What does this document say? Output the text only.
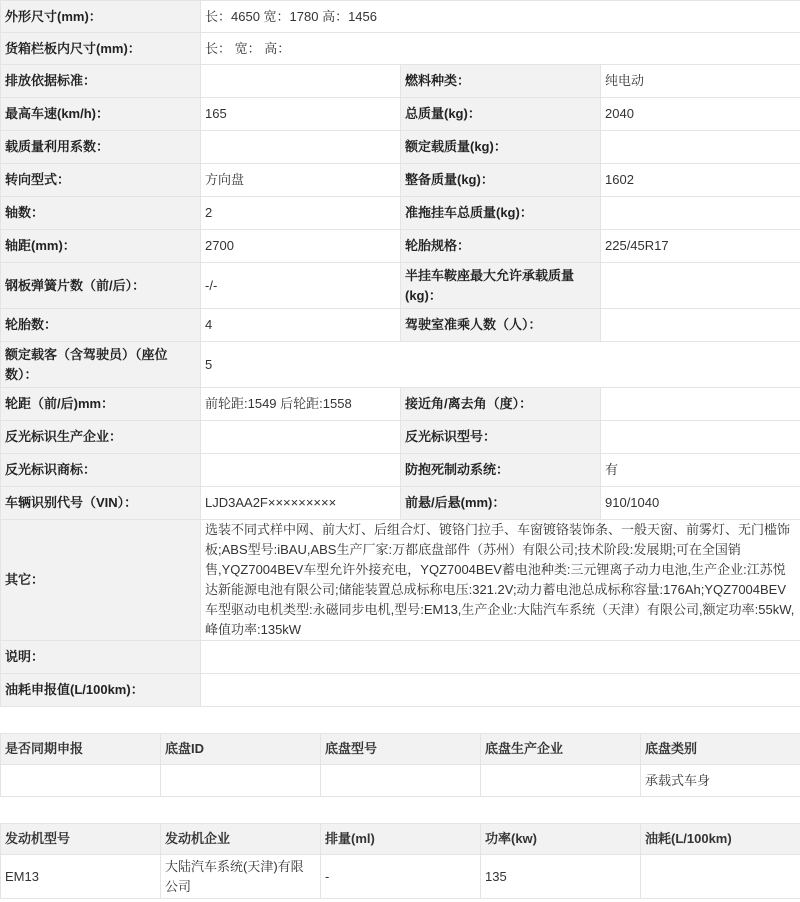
外形尺寸(mm)：	长：4650 宽：1780 高：1456		
货箱栏板内尺寸(mm)：	长： 宽： 高：		
排放依据标准：		燃料种类：	纯电动
最高车速(km/h)：	165	总质量(kg)：	2040
载质量利用系数：		额定载质量(kg)：	
转向型式：	方向盘	整备质量(kg)：	1602
轴数：	2	准拖挂车总质量(kg)：	
轴距(mm)：	2700	轮胎规格：	225/45R17
钢板弹簧片数（前/后）：	-/-	半挂车鞍座最大允许承载质量(kg)：	
轮胎数：	4	驾驶室准乘人数（人）：	
额定载客（含驾驶员）（座位数）：	5		
轮距（前/后)mm：	前轮距:1549 后轮距:1558	接近角/离去角（度）：	
反光标识生产企业：		反光标识型号：	
反光标识商标：		防抱死制动系统：	有
车辆识别代号（VIN）：	LJD3AA2F×××××××××	前悬/后悬(mm)：	910/1040
其它：	选装不同式样中网、前大灯、后组合灯、镀铬门拉手、车窗镀铬装饰条、一般天窗、前雾灯、无门槛饰板;ABS型号:iBAU,ABS生产厂家:万都底盘部件（苏州）有限公司;技术阶段:发展期;可在全国销售,YQZ7004BEV车型允许外接充电，YQZ7004BEV蓄电池种类:三元锂离子动力电池,生产企业:江苏悦达新能源电池有限公司;储能装置总成标称电压:321.2V;动力蓄电池总成标称容量:176Ah;YQZ7004BEV车型驱动电机类型:永磁同步电机,型号:EM13,生产企业:大陆汽车系统（天津）有限公司,额定功率:55kW,峰值功率:135kW		
说明：			
油耗申报值(L/100km)：			
是否同期申报	底盘ID	底盘型号	底盘生产企业	底盘类别
				承载式车身
发动机型号	发动机企业	排量(ml)	功率(kw)	油耗(L/100km)
EM13	大陆汽车系统(天津)有限公司	-	135	
